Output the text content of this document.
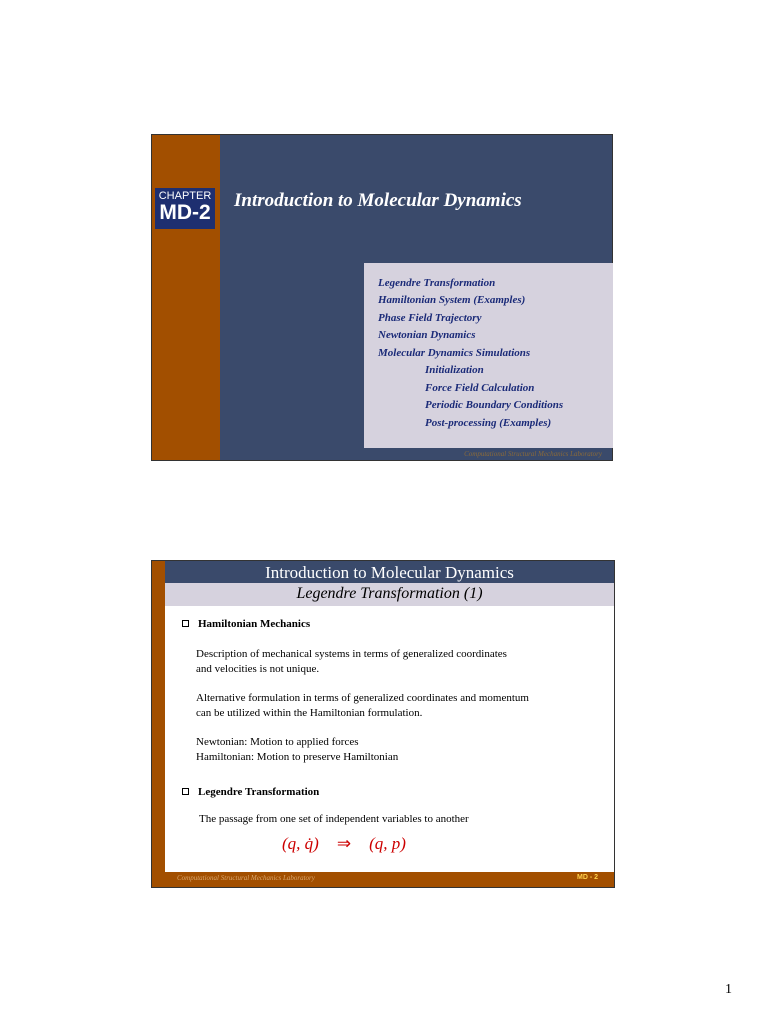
CHAPTER
MD-2
Introduction to Molecular Dynamics
Legendre Transformation
Hamiltonian System (Examples)
Phase Field Trajectory
Newtonian Dynamics
Molecular Dynamics Simulations
Initialization
Force Field Calculation
Periodic Boundary Conditions
Post-processing (Examples)
Computational Structural Mechanics Laboratory
Introduction to Molecular Dynamics
Legendre Transformation (1)
Hamiltonian Mechanics
Description of mechanical systems in terms of generalized coordinates
and velocities is not unique.
Alternative formulation in terms of generalized coordinates and momentum
can be utilized within the Hamiltonian formulation.
Newtonian: Motion to applied forces
Hamiltonian: Motion to preserve Hamiltonian
Legendre Transformation
The passage from one set of independent variables to another
(q, q̇) ⇒ (q, p)
Computational Structural Mechanics Laboratory	MD - 2
1
